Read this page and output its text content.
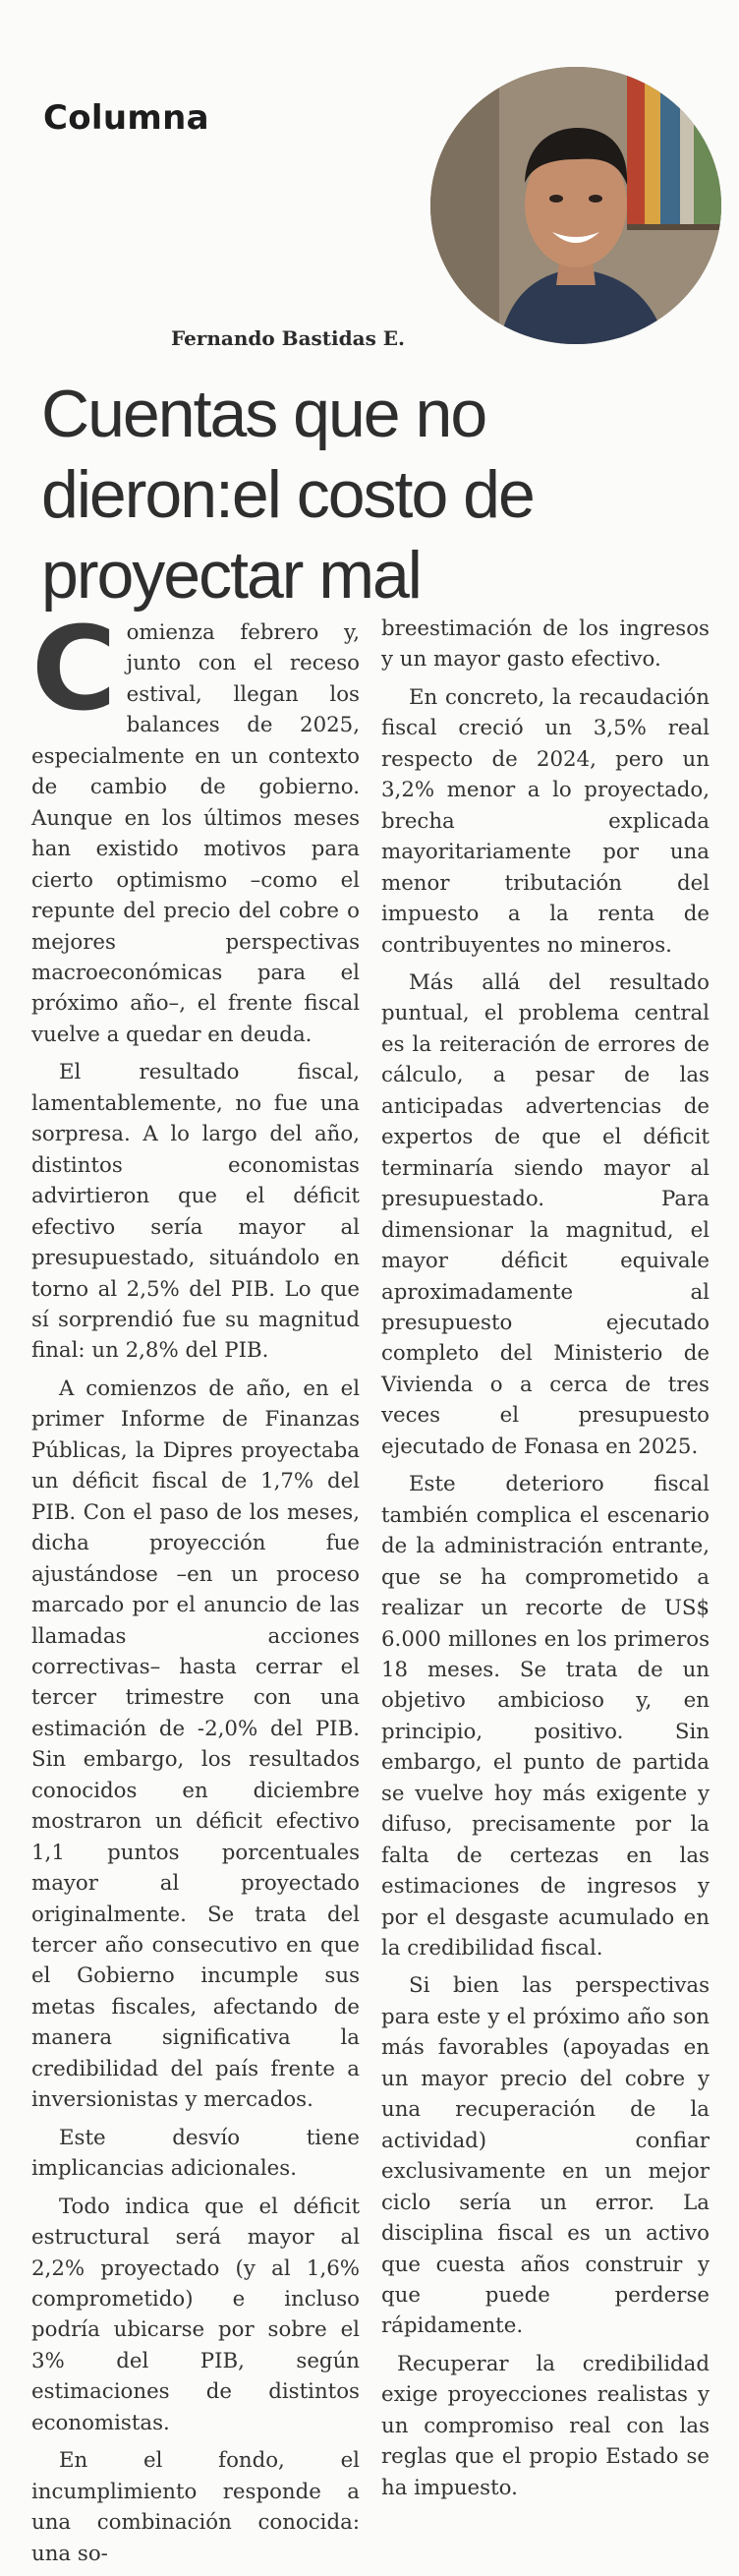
Columna
Fernando Bastidas E.
Cuentas que no dieron:el costo de proyectar mal

Comienza febrero y, junto con el receso estival, llegan los balances de 2025, especialmente en un contexto de cambio de gobierno. Aunque en los últimos meses han existido motivos para cierto optimismo –como el repunte del precio del cobre o mejores perspectivas macroeconómicas para el próximo año–, el frente fiscal vuelve a quedar en deuda.

El resultado fiscal, lamentablemente, no fue una sorpresa. A lo largo del año, distintos economistas advirtieron que el déficit efectivo sería mayor al presupuestado, situándolo en torno al 2,5% del PIB. Lo que sí sorprendió fue su magnitud final: un 2,8% del PIB.

A comienzos de año, en el primer Informe de Finanzas Públicas, la Dipres proyectaba un déficit fiscal de 1,7% del PIB. Con el paso de los meses, dicha proyección fue ajustándose –en un proceso marcado por el anuncio de las llamadas acciones correctivas– hasta cerrar el tercer trimestre con una estimación de -2,0% del PIB. Sin embargo, los resultados conocidos en diciembre mostraron un déficit efectivo 1,1 puntos porcentuales mayor al proyectado originalmente. Se trata del tercer año consecutivo en que el Gobierno incumple sus metas fiscales, afectando de manera significativa la credibilidad del país frente a inversionistas y mercados.

Este desvío tiene implicancias adicionales.

Todo indica que el déficit estructural será mayor al 2,2% proyectado (y al 1,6% comprometido) e incluso podría ubicarse por sobre el 3% del PIB, según estimaciones de distintos economistas.

En el fondo, el incumplimiento responde a una combinación conocida: una so-

breestimación de los ingresos y un mayor gasto efectivo.

En concreto, la recaudación fiscal creció un 3,5% real respecto de 2024, pero un 3,2% menor a lo proyectado, brecha explicada mayoritariamente por una menor tributación del impuesto a la renta de contribuyentes no mineros.

Más allá del resultado puntual, el problema central es la reiteración de errores de cálculo, a pesar de las anticipadas advertencias de expertos de que el déficit terminaría siendo mayor al presupuestado. Para dimensionar la magnitud, el mayor déficit equivale aproximadamente al presupuesto ejecutado completo del Ministerio de Vivienda o a cerca de tres veces el presupuesto ejecutado de Fonasa en 2025.

Este deterioro fiscal también complica el escenario de la administración entrante, que se ha comprometido a realizar un recorte de US$ 6.000 millones en los primeros 18 meses. Se trata de un objetivo ambicioso y, en principio, positivo. Sin embargo, el punto de partida se vuelve hoy más exigente y difuso, precisamente por la falta de certezas en las estimaciones de ingresos y por el desgaste acumulado en la credibilidad fiscal.

Si bien las perspectivas para este y el próximo año son más favorables (apoyadas en un mayor precio del cobre y una recuperación de la actividad) confiar exclusivamente en un mejor ciclo sería un error. La disciplina fiscal es un activo que cuesta años construir y que puede perderse rápidamente.

Recuperar la credibilidad exige proyecciones realistas y un compromiso real con las reglas que el propio Estado se ha impuesto.
